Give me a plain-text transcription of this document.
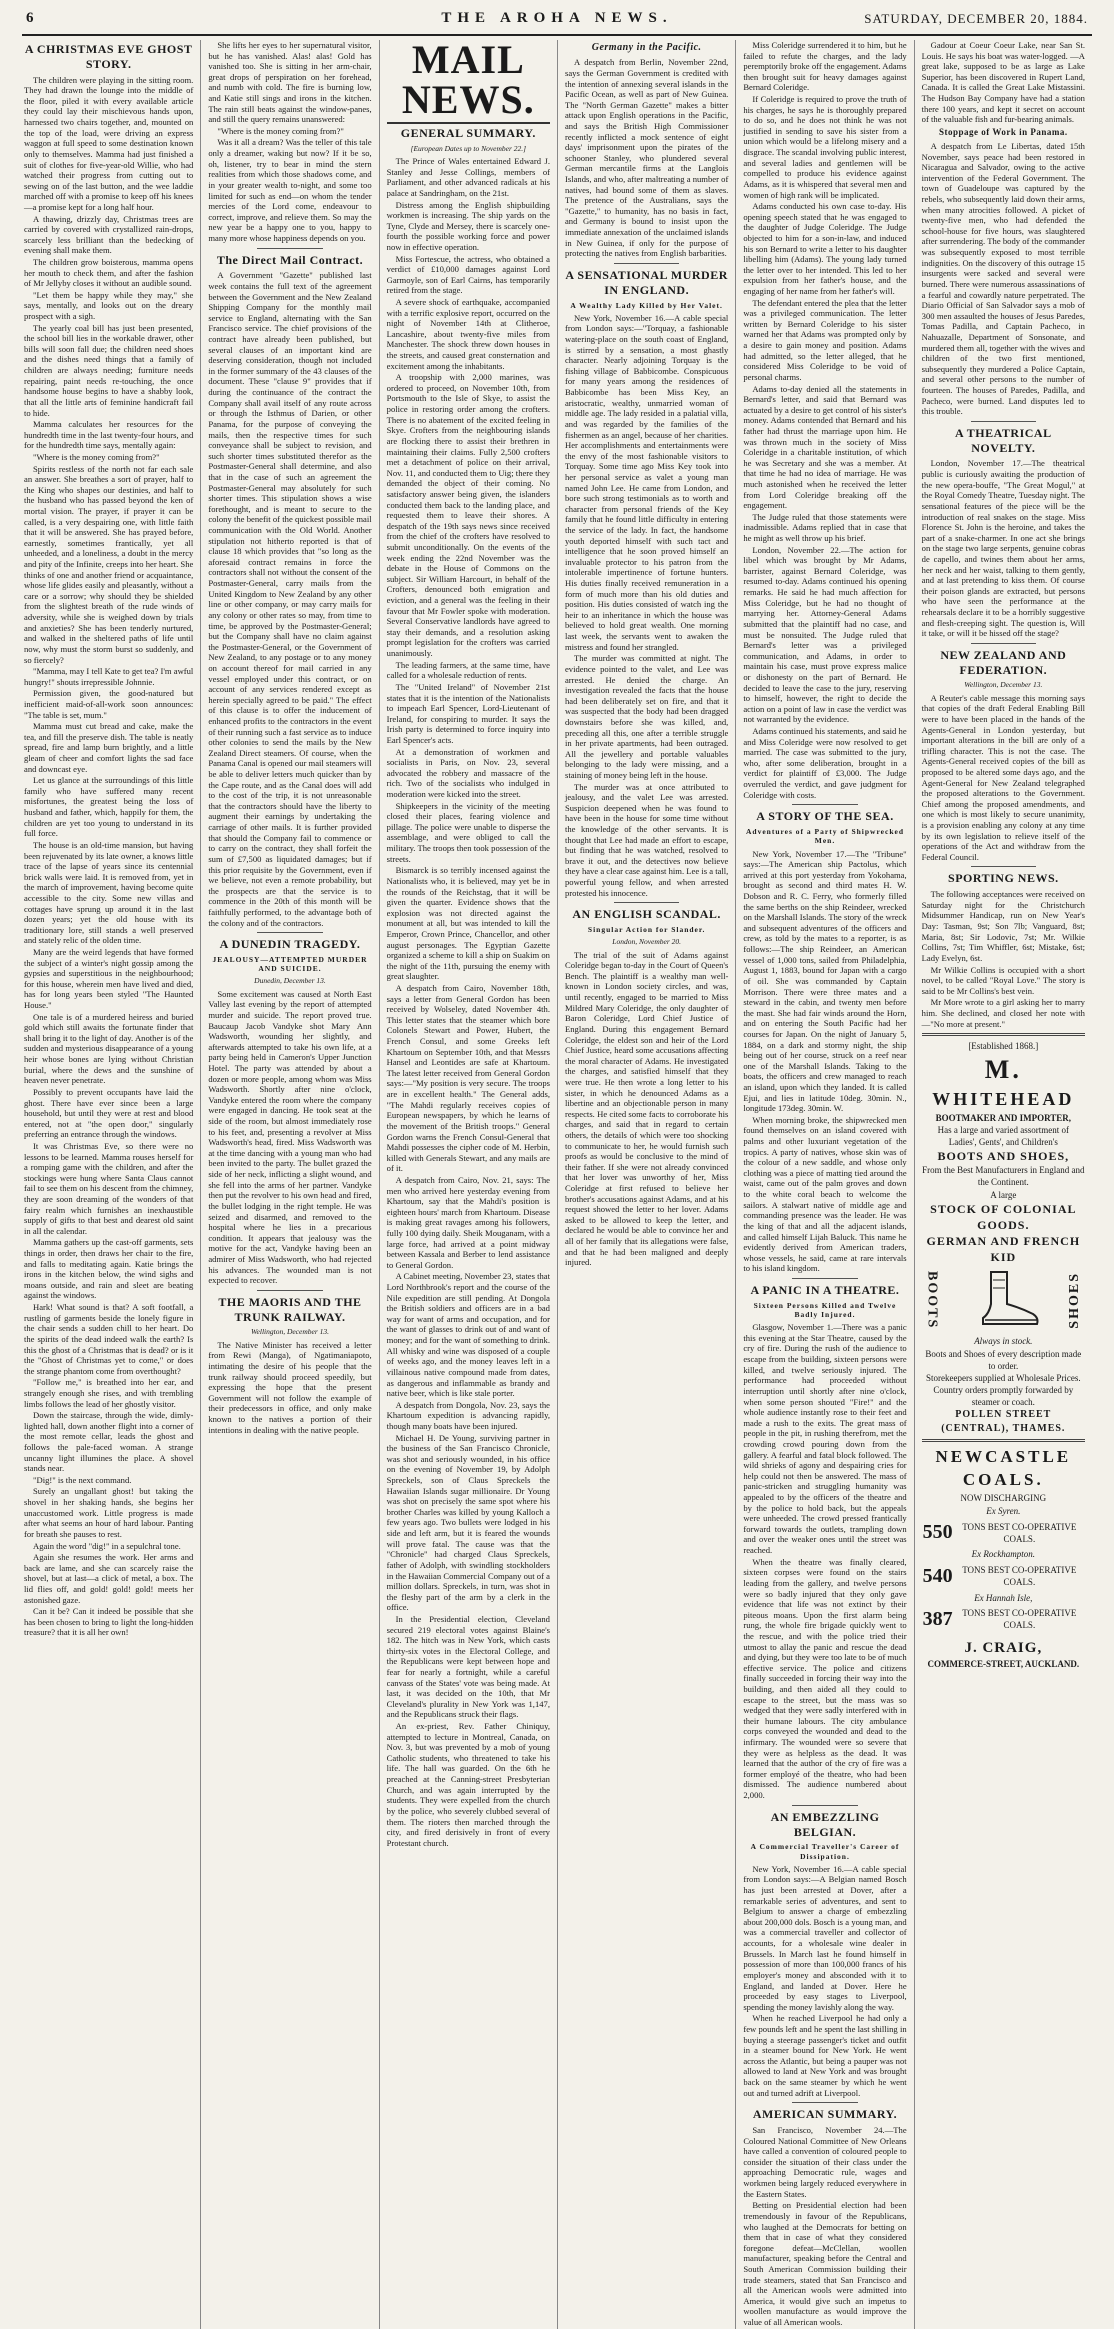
6	THE AROHA NEWS.	SATURDAY, DECEMBER 20, 1884.
A CHRISTMAS EVE GHOST STORY.

The children were playing in the sitting room. They had drawn the lounge into the middle of the floor, piled it with every available article they could lay their mischievous hands upon, harnessed two chairs together, and, mounted on the top of the load, were driving an express waggon at full speed to some destination known only to themselves. Mamma had just finished a suit of clothes for five-year-old Willie, who had watched their progress from cutting out to sewing on of the last button, and the wee laddie marched off with a promise to keep off his knees—a promise kept for a long half hour.

A thawing, drizzly day, Christmas trees are carried by covered with crystallized rain-drops, scarcely less brilliant than the bedecking of evening shall make them.

The children grow boisterous, mamma opens her mouth to check them, and after the fashion of Mr Jellyby closes it without an audible sound.

"Let them be happy while they may," she says, mentally, and looks out on the dreary prospect with a sigh.

The yearly coal bill has just been presented, the school bill lies in the workable drawer, other bills will soon fall due; the children need shoes and the dishes need things that a family of children are always needing; furniture needs repairing, paint needs re-touching, the once handsome house begins to have a shabby look, that all the little arts of feminine handicraft fail to hide.

Mamma calculates her resources for the hundredth time in the last twenty-four hours, and for the hundredth time says, mentally again:

"Where is the money coming from?"

Spirits restless of the north not far each sale an answer. She breathes a sort of prayer, half to the King who shapes our destinies, and half to the husband who has passed beyond the ken of mortal vision. The prayer, if prayer it can be called, is a very despairing one, with little faith that it will be answered. She has prayed before, earnestly, sometimes frantically, yet all unheeded, and a loneliness, a doubt in the mercy and pity of the Infinite, creeps into her heart. She thinks of one and another friend or acquaintance, whose life glides easily and pleasantly, without a care or a sorrow; why should they be shielded from the slightest breath of the rude winds of adversity, while she is weighed down by trials and anxieties? She has been tenderly nurtured, and walked in the sheltered paths of life until now, why must the storm burst so suddenly, and so fiercely?

"Mamma, may I tell Kate to get tea? I'm awful hungry!" shouts irrepressible Johnnie.

Permission given, the good-natured but inefficient maid-of-all-work soon announces: "The table is set, mum."

Mamma must cut bread and cake, make the tea, and fill the preserve dish. The table is neatly spread, fire and lamp burn brightly, and a little gleam of cheer and comfort lights the sad face and downcast eye.

Let us glance at the surroundings of this little family who have suffered many recent misfortunes, the greatest being the loss of husband and father, which, happily for them, the children are yet too young to understand in its full force.

The house is an old-time mansion, but having been rejuvenated by its late owner, a knows little trace of the lapse of years since its centennial brick walls were laid. It is removed from, yet in the march of improvement, having become quite accessible to the city. Some new villas and cottages have sprung up around it in the last dozen years; yet the old house with its traditionary lore, still stands a well preserved and stately relic of the olden time.

Many are the weird legends that have formed the subject of a winter's night gossip among the gypsies and superstitious in the neighbourhood; for this house, wherein men have lived and died, has for long years been styled "The Haunted House."

One tale is of a murdered heiress and buried gold which still awaits the fortunate finder that shall bring it to the light of day. Another is of the sudden and mysterious disappearance of a young heir whose bones are lying without Christian burial, where the dews and the sunshine of heaven never penetrate.

Possibly to prevent occupants have laid the ghost. There have ever since been a large household, but until they were at rest and blood entered, not at "the open door," singularly preferring an entrance through the windows.

It was Christmas Eve, so there were no lessons to be learned. Mamma rouses herself for a romping game with the children, and after the stockings were hung where Santa Claus cannot fail to see them on his descent from the chimney, they are soon dreaming of the wonders of that fairy realm which furnishes an inexhaustible supply of gifts to that best and dearest old saint in all the calendar.

Mamma gathers up the cast-off garments, sets things in order, then draws her chair to the fire, and falls to meditating again. Katie brings the irons in the kitchen below, the wind sighs and moans outside, and rain and sleet are beating against the windows.

Hark! What sound is that? A soft footfall, a rustling of garments beside the lonely figure in the chair sends a sudden chill to her heart. Do the spirits of the dead indeed walk the earth? Is this the ghost of a Christmas that is dead? or is it the "Ghost of Christmas yet to come," or does the strange phantom come from overthought?

"Follow me," is breathed into her ear, and strangely enough she rises, and with trembling limbs follows the lead of her ghostly visitor.

Down the staircase, through the wide, dimly-lighted hall, down another flight into a corner of the most remote cellar, leads the ghost and follows the pale-faced woman. A strange uncanny light illumines the place. A shovel stands near.

"Dig!" is the next command.

Surely an ungallant ghost! but taking the shovel in her shaking hands, she begins her unaccustomed work. Little progress is made after what seems an hour of hard labour. Panting for breath she pauses to rest.

Again the word "dig!" in a sepulchral tone.

Again she resumes the work. Her arms and back are lame, and she can scarcely raise the shovel, but at last—a click of metal, a box. The lid flies off, and gold! gold! gold! meets her astonished gaze.

Can it be? Can it indeed be possible that she has been chosen to bring to light the long-hidden treasure? that it is all her own!

She lifts her eyes to her supernatural visitor, but he has vanished. Alas! alas! Gold has vanished too. She is sitting in her arm-chair, great drops of perspiration on her forehead, and numb with cold. The fire is burning low, and Katie still sings and irons in the kitchen. The rain still beats against the window-panes, and still the query remains unanswered:

"Where is the money coming from?"

Was it all a dream? Was the teller of this tale only a dreamer, waking but now? If it be so, oh, listener, try to bear in mind the stern realities from which those shadows come, and in your greater wealth to-night, and some too limited for such as end—on whom the tender mercies of the Lord come, endeavour to correct, improve, and relieve them. So may the new year be a happy one to you, happy to many more whose happiness depends on you.

The Direct Mail Contract.

A Government "Gazette" published last week contains the full text of the agreement between the Government and the New Zealand Shipping Company for the monthly mail service to England, alternating with the San Francisco service. The chief provisions of the contract have already been published, but several clauses of an important kind are deserving consideration, though not included in the former summary of the 43 clauses of the document. These "clause 9" provides that if during the continuance of the contract the Company shall avail itself of any route across or through the Isthmus of Darien, or other Panama, for the purpose of conveying the mails, then the respective times for such conveyance shall be subject to revision, and such shorter times substituted therefor as the Postmaster-General shall determine, and also that in the case of such an agreement the Postmaster-General may absolutely for such shorter times. This stipulation shows a wise forethought, and is meant to secure to the colony the benefit of the quickest possible mail communication with the Old World. Another stipulation not hitherto reported is that of clause 18 which provides that "so long as the aforesaid contract remains in force the contractors shall not without the consent of the Postmaster-General, carry mails from the United Kingdom to New Zealand by any other line or other company, or may carry mails for any colony or other rates so may, from time to time, be approved by the Postmaster-General; but the Company shall have no claim against the Postmaster-General, or the Government of New Zealand, to any postage or to any money on account thereof for mail carried in any vessel employed under this contract, or on account of any services rendered except as herein specially agreed to be paid." The effect of this clause is to offer the inducement of enhanced profits to the contractors in the event of their running such a fast service as to induce other colonies to send the mails by the New Zealand Direct steamers. Of course, when the Panama Canal is opened our mail steamers will be able to deliver letters much quicker than by the Cape route, and as the Canal does will add to the cost of the trip, it is not unreasonable that the contractors should have the liberty to augment their earnings by undertaking the carriage of other mails. It is further provided that should the Company fail to commence or to carry on the contract, they shall forfeit the sum of £7,500 as liquidated damages; but if this prior requisite by the Government, even if we believe, not even a remote probability, but the prospects are that the service is to commence in the 20th of this month will be faithfully performed, to the advantage both of the colony and of the contractors.

A DUNEDIN TRAGEDY.
JEALOUSY—ATTEMPTED MURDER AND SUICIDE.
Dunedin, December 13.

Some excitement was caused at North East Valley last evening by the report of attempted murder and suicide. The report proved true. Baucaup Jacob Vandyke shot Mary Ann Wadsworth, wounding her slightly, and afterwards attempted to take his own life, at a party being held in Cameron's Upper Junction Hotel. The party was attended by about a dozen or more people, among whom was Miss Wadsworth. Shortly after nine o'clock, Vandyke entered the room where the company were engaged in dancing. He took seat at the side of the room, but almost immediately rose to his feet, and, presenting a revolver at Miss Wadsworth's head, fired. Miss Wadsworth was at the time dancing with a young man who had been invited to the party. The bullet grazed the side of her neck, inflicting a slight wound, and she fell into the arms of her partner. Vandyke then put the revolver to his own head and fired, the bullet lodging in the right temple. He was seized and disarmed, and removed to the hospital where he lies in a precarious condition. It appears that jealousy was the motive for the act, Vandyke having been an admirer of Miss Wadsworth, who had rejected his advances. The wounded man is not expected to recover.

THE MAORIS AND THE TRUNK RAILWAY.
Wellington, December 13.

The Native Minister has received a letter from Rewi (Manga), of Ngatimaniapoto, intimating the desire of his people that the trunk railway should proceed speedily, but expressing the hope that the present Government will not follow the example of their predecessors in office, and only make known to the natives a portion of their intentions in dealing with the native people.

MAIL NEWS.
GENERAL SUMMARY.
[European Dates up to November 22.]

The Prince of Wales entertained Edward J. Stanley and Jesse Collings, members of Parliament, and other advanced radicals at his palace at Sandringham, on the 21st.

Distress among the English shipbuilding workmen is increasing. The ship yards on the Tyne, Clyde and Mersey, there is scarcely one-fourth the possible working force and power now in effective operation.

Miss Fortescue, the actress, who obtained a verdict of £10,000 damages against Lord Garmoyle, son of Earl Cairns, has temporarily retired from the stage.

A severe shock of earthquake, accompanied with a terrific explosive report, occurred on the night of November 14th at Clitheroe, Lancashire, about twenty-five miles from Manchester. The shock threw down houses in the streets, and caused great consternation and excitement among the inhabitants.

A troopship with 2,000 marines, was ordered to proceed, on November 10th, from Portsmouth to the Isle of Skye, to assist the police in restoring order among the crofters. There is no abatement of the excited feeling in Skye. Crofters from the neighbouring islands are flocking there to assist their brethren in maintaining their claims. Fully 2,500 crofters met a detachment of police on their arrival, Nov. 11, and conducted them to Uig; there they demanded the object of their coming. No satisfactory answer being given, the islanders conducted them back to the landing place, and requested them to leave their shores. A despatch of the 19th says news since received from the chief of the crofters have resolved to submit unconditionally. On the events of the week ending the 22nd November was the debate in the House of Commons on the subject. Sir William Harcourt, in behalf of the Crofters, denounced both emigration and eviction, and a general was the feeling in their favour that Mr Fowler spoke with moderation. Several Conservative landlords have agreed to stay their demands, and a resolution asking prompt legislation for the crofters was carried unanimously.

The leading farmers, at the same time, have called for a wholesale reduction of rents.

The "United Ireland" of November 21st states that it is the intention of the Nationalists to impeach Earl Spencer, Lord-Lieutenant of Ireland, for conspiring to murder. It says the Irish party is determined to force inquiry into Earl Spencer's acts.

At a demonstration of workmen and socialists in Paris, on Nov. 23, several advocated the robbery and massacre of the rich. Two of the socialists who indulged in moderation were kicked into the street.

Shipkeepers in the vicinity of the meeting closed their places, fearing violence and pillage. The police were unable to disperse the assemblage, and were obliged to call the military. The troops then took possession of the streets.

Bismarck is so terribly incensed against the Nationalists who, it is believed, may yet be in the rounds of the Reichstag, that it will be given the quarter. Evidence shows that the explosion was not directed against the monument at all, but was intended to kill the Emperor, Crown Prince, Chancellor, and other august personages. The Egyptian Gazette organized a scheme to kill a ship on Suakim on the night of the 11th, pursuing the enemy with great slaughter.

A despatch from Cairo, November 18th, says a letter from General Gordon has been received by Wolseley, dated November 4th. This letter states that the steamer which bore Colonels Stewart and Power, Hubert, the French Consul, and some Greeks left Khartoum on September 10th, and that Messrs Hansel and Leontides are safe at Khartoum. The latest letter received from General Gordon says:—"My position is very secure. The troops are in excellent health." The General adds, "The Mahdi regularly receives copies of European newspapers, by which he learns of the movement of the British troops." General Gordon warns the French Consul-General that Mahdi possesses the cipher code of M. Herbin, killed with Generals Stewart, and any mails are of it.

A despatch from Cairo, Nov. 21, says: The men who arrived here yesterday evening from Khartoum, say that the Mahdi's position is eighteen hours' march from Khartoum. Disease is making great ravages among his followers, fully 100 dying daily. Sheik Mouganam, with a large force, had arrived at a point midway between Kassala and Berber to lend assistance to General Gordon.

A Cabinet meeting, November 23, states that Lord Northbrook's report and the course of the Nile expedition are still pending. At Dongola the British soldiers and officers are in a bad way for want of arms and occupation, and for the want of glasses to drink out of and want of money; and for the want of something to drink. All whisky and wine was disposed of a couple of weeks ago, and the money leaves left in a villainous native compound made from dates, as dangerous and inflammable as brandy and native beer, which is like stale porter.

A despatch from Dongola, Nov. 23, says the Khartoum expedition is advancing rapidly, though many boats have been injured.

Michael H. De Young, surviving partner in the business of the San Francisco Chronicle, was shot and seriously wounded, in his office on the evening of November 19, by Adolph Spreckels, son of Claus Spreckels the Hawaiian Islands sugar millionaire. Dr Young was shot on precisely the same spot where his brother Charles was killed by young Kalloch a few years ago. Two bullets were lodged in his side and left arm, but it is feared the wounds will prove fatal. The cause was that the "Chronicle" had charged Claus Spreckels, father of Adolph, with swindling stockholders in the Hawaiian Commercial Company out of a million dollars. Spreckels, in turn, was shot in the fleshy part of the arm by a clerk in the office.

In the Presidential election, Cleveland secured 219 electoral votes against Blaine's 182. The hitch was in New York, which casts thirty-six votes in the Electoral College, and the Republicans were kept between hope and fear for nearly a fortnight, while a careful canvass of the States' vote was being made. At last, it was decided on the 10th, that Mr Cleveland's plurality in New York was 1,147, and the Republicans struck their flags.

An ex-priest, Rev. Father Chiniquy, attempted to lecture in Montreal, Canada, on Nov. 3, but was prevented by a mob of young Catholic students, who threatened to take his life. The hall was guarded. On the 6th he preached at the Canning-street Presbyterian Church, and was again interrupted by the students. They were expelled from the church by the police, who severely clubbed several of them. The rioters then marched through the city, and fired derisively in front of every Protestant church.

Germany in the Pacific.

A despatch from Berlin, November 22nd, says the German Government is credited with the intention of annexing several islands in the Pacific Ocean, as well as part of New Guinea. The "North German Gazette" makes a bitter attack upon English operations in the Pacific, and says the British High Commissioner recently inflicted a mock sentence of eight days' imprisonment upon the pirates of the schooner Stanley, who plundered several German mercantile firms at the Langlois Islands, and who, after maltreating a number of natives, had bound some of them as slaves. The pretence of the Australians, says the "Gazette," to humanity, has no basis in fact, and Germany is bound to insist upon the immediate annexation of the unclaimed islands in New Guinea, if only for the purpose of protecting the natives from English barbarities.

A SENSATIONAL MURDER IN ENGLAND.
A Wealthy Lady Killed by Her Valet.

New York, November 16.—A cable special from London says:—"Torquay, a fashionable watering-place on the south coast of England, is stirred by a sensation, a most ghastly character. Nearly adjoining Torquay is the fishing village of Babbicombe. Conspicuous for many years among the residences of Babbicombe has been Miss Key, an aristocratic, wealthy, unmarried woman of middle age. The lady resided in a palatial villa, and was regarded by the families of the fishermen as an angel, because of her charities. Her accomplishments and entertainments were the envy of the most fashionable visitors to Torquay. Some time ago Miss Key took into her personal service as valet a young man named John Lee. He came from London, and bore such strong testimonials as to worth and character from personal friends of the Key family that he found little difficulty in entering the service of the lady. In fact, the handsome youth deported himself with such tact and intelligence that he soon proved himself an invaluable protector to his patron from the intolerable impertinence of fortune hunters. His duties finally received remuneration in a form of much more than his old duties and position. His duties consisted of watch ing the heir to an inheritance in which the house was believed to hold great wealth. One morning last week, the servants went to awaken the mistress and found her strangled.

The murder was committed at night. The evidence pointed to the valet, and Lee was arrested. He denied the charge. An investigation revealed the facts that the house had been deliberately set on fire, and that it was suspected that the body had been dragged downstairs before she was killed, and, preceding all this, one after a terrible struggle in her private apartments, had been outraged. All the jewellery and portable valuables belonging to the lady were missing, and a staining of money being left in the house.

The murder was at once attributed to jealousy, and the valet Lee was arrested. Suspicion deepened when he was found to have been in the house for some time without the knowledge of the other servants. It is thought that Lee had made an effort to escape, but finding that he was watched, resolved to brave it out, and the detectives now believe they have a clear case against him. Lee is a tall, powerful young fellow, and when arrested protested his innocence.

AN ENGLISH SCANDAL.
Singular Action for Slander.
London, November 20.

The trial of the suit of Adams against Coleridge began to-day in the Court of Queen's Bench. The plaintiff is a wealthy man well-known in London society circles, and was, until recently, engaged to be married to Miss Mildred Mary Coleridge, the only daughter of Baron Coleridge, Lord Chief Justice of England. During this engagement Bernard Coleridge, the eldest son and heir of the Lord Chief Justice, heard some accusations affecting the moral character of Adams. He investigated the charges, and satisfied himself that they were true. He then wrote a long letter to his sister, in which he denounced Adams as a libertine and an objectionable person in many respects. He cited some facts to corroborate his charges, and said that in regard to certain others, the details of which were too shocking to communicate to her, he would furnish such proofs as would be conclusive to the mind of their father. If she were not already convinced that her lover was unworthy of her, Miss Coleridge at first refused to believe her brother's accusations against Adams, and at his request showed the letter to her lover. Adams asked to be allowed to keep the letter, and declared he would be able to convince her and all of her family that its allegations were false, and that he had been maligned and deeply injured.

Miss Coleridge surrendered it to him, but he failed to refute the charges, and the lady peremptorily broke off the engagement. Adams then brought suit for heavy damages against Bernard Coleridge.

If Coleridge is required to prove the truth of his charges, he says he is thoroughly prepared to do so, and he does not think he was not justified in sending to save his sister from a union which would be a lifelong misery and a disgrace. The scandal involving public interest, and several ladies and gentlemen will be compelled to produce his evidence against Adams, as it is whispered that several men and women of high rank will be implicated.

Adams conducted his own case to-day. His opening speech stated that he was engaged to the daughter of Judge Coleridge. The Judge objected to him for a son-in-law, and induced his son Bernard to write a letter to his daughter libelling him (Adams). The young lady turned the letter over to her intended. This led to her expulsion from her father's house, and the engaging of her name from her father's will.

The defendant entered the plea that the letter was a privileged communication. The letter written by Bernard Coleridge to his sister warned her that Adams was prompted only by a desire to gain money and position. Adams had admitted, so the letter alleged, that he considered Miss Coleridge to be void of personal charms.

Adams to-day denied all the statements in Bernard's letter, and said that Bernard was actuated by a desire to get control of his sister's money. Adams contended that Bernard and his father had thrust the marriage upon him. He was thrown much in the society of Miss Coleridge in a charitable institution, of which he was Secretary and she was a member. At that time he had no idea of marriage. He was much astonished when he received the letter from Lord Coleridge breaking off the engagement.

The Judge ruled that those statements were inadmissible. Adams replied that in case that he might as well throw up his brief.

London, November 22.—The action for libel which was brought by Mr Adams, barrister, against Bernard Coleridge, was resumed to-day. Adams continued his opening remarks. He said he had much affection for Miss Coleridge, but he had no thought of marrying her. Attorney-General Adams submitted that the plaintiff had no case, and must be nonsuited. The Judge ruled that Bernard's letter was a privileged communication, and Adams, in order to maintain his case, must prove express malice or dishonesty on the part of Bernard. He decided to leave the case to the jury, reserving to himself, however, the right to decide the action on a point of law in case the verdict was not warranted by the evidence.

Adams continued his statements, and said he and Miss Coleridge were now resolved to get married. The case was submitted to the jury, who, after some deliberation, brought in a verdict for plaintiff of £3,000. The Judge overruled the verdict, and gave judgment for Coleridge with costs.

A STORY OF THE SEA.
Adventures of a Party of Shipwrecked Men.

New York, November 17.—The "Tribune" says:—The American ship Pactolus, which arrived at this port yesterday from Yokohama, brought as second and third mates H. W. Dobson and R. C. Ferry, who formerly filled the same berths on the ship Reindeer, wrecked on the Marshall Islands. The story of the wreck and subsequent adventures of the officers and crew, as told by the mates to a reporter, is as follows:—The ship Reindeer, an American vessel of 1,000 tons, sailed from Philadelphia, August 1, 1883, bound for Japan with a cargo of oil. She was commanded by Captain Morrison. There were three mates and a steward in the cabin, and twenty men before the mast. She had fair winds around the Horn, and on entering the South Pacific had her courses for Japan. On the night of January 5, 1884, on a dark and stormy night, the ship being out of her course, struck on a reef near one of the Marshall Islands. Taking to the boats, the officers and crew managed to reach an island, upon which they landed. It is called Ejui, and lies in latitude 10deg. 30min. N., longitude 173deg. 30min. W.

When morning broke, the shipwrecked men found themselves on an island covered with palms and other luxuriant vegetation of the tropics. A party of natives, whose skin was of the colour of a new saddle, and whose only clothing was a piece of matting tied around the waist, came out of the palm groves and down to the white coral beach to welcome the sailors. A stalwart native of middle age and commanding presence was the leader. He was the king of that and all the adjacent islands, and called himself Lijah Baluck. This name he evidently derived from American traders, whose vessels, he said, came at rare intervals to his island kingdom.

A PANIC IN A THEATRE.
Sixteen Persons Killed and Twelve Badly Injured.

Glasgow, November 1.—There was a panic this evening at the Star Theatre, caused by the cry of fire. During the rush of the audience to escape from the building, sixteen persons were killed, and twelve seriously injured. The performance had proceeded without interruption until shortly after nine o'clock, when some person shouted "Fire!" and the whole audience instantly rose to their feet and made a rush to the exits. The great mass of people in the pit, in rushing therefrom, met the crowding crowd pouring down from the gallery. A fearful and fatal block followed. The wild shrieks of agony and despairing cries for help could not then be answered. The mass of panic-stricken and struggling humanity was appealed to by the officers of the theatre and by the police to hold back, but the appeals were unheeded. The crowd pressed frantically forward towards the outlets, trampling down and over the weaker ones until the street was reached.

When the theatre was finally cleared, sixteen corpses were found on the stairs leading from the gallery, and twelve persons were so badly injured that they only gave evidence that life was not extinct by their piteous moans. Upon the first alarm being rung, the whole fire brigade quickly went to the rescue, and with the police tried their utmost to allay the panic and rescue the dead and dying, but they were too late to be of much effective service. The police and citizens finally succeeded in forcing their way into the building, and then aided all they could to escape to the street, but the mass was so wedged that they were sadly interfered with in their humane labours. The city ambulance corps conveyed the wounded and dead to the infirmary. The wounded were so severe that they were as helpless as the dead. It was learned that the author of the cry of fire was a former employé of the theatre, who had been dismissed. The audience numbered about 2,000.

AN EMBEZZLING BELGIAN.
A Commercial Traveller's Career of Dissipation.

New York, November 16.—A cable special from London says:—A Belgian named Bosch has just been arrested at Dover, after a remarkable series of adventures, and sent to Belgium to answer a charge of embezzling about 200,000 dols. Bosch is a young man, and was a commercial traveller and collector of accounts, for a wholesale wine dealer in Brussels. In March last he found himself in possession of more than 100,000 francs of his employer's money and absconded with it to England, and landed at Dover. Here he proceeded by easy stages to Liverpool, spending the money lavishly along the way.

When he reached Liverpool he had only a few pounds left and he spent the last shilling in buying a steerage passenger's ticket and outfit in a steamer bound for New York. He went across the Atlantic, but being a pauper was not allowed to land at New York and was brought back on the same steamer by which he went out and turned adrift at Liverpool.

AMERICAN SUMMARY.

San Francisco, November 24.—The Coloured National Committee of New Orleans have called a convention of coloured people to consider the situation of their class under the approaching Democratic rule, wages and workmen being largely reduced everywhere in the Eastern States.

Betting on Presidential election had been tremendously in favour of the Republicans, who laughed at the Democrats for betting on them that in case of what they considered foregone defeat—McClellan, woollen manufacturer, speaking before the Central and South American Commission building their trade steamers, stated that San Francisco and all the American wools were admitted into America, it would give such an impetus to woollen manufacture as would improve the value of all American wools.

Gadour at Coeur Coeur Lake, near San St. Louis. He says his boat was water-logged. —A great lake, supposed to be as large as Lake Superior, has been discovered in Rupert Land, Canada. It is called the Great Lake Mistassini. The Hudson Bay Company have had a station there 100 years, and kept it secret on account of the valuable fish and fur-bearing animals.

Stoppage of Work in Panama.

A despatch from Le Libertas, dated 15th November, says peace had been restored in Nicaragua and Salvador, owing to the active intervention of the Federal Government. The town of Guadeloupe was captured by the rebels, who subsequently laid down their arms, when many atrocities followed. A picket of twenty-five men, who had defended the school-house for five hours, was slaughtered after surrendering. The body of the commander was subsequently exposed to most terrible indignities. On the discovery of this outrage 15 insurgents were sacked and several were burned. There were numerous assassinations of a fearful and cowardly nature perpetrated. The Diario Official of San Salvador says a mob of 300 men assaulted the houses of Jesus Paredes, Tomas Padilla, and Captain Pacheco, in Nahuazalle, Department of Sonsonate, and murdered them all, together with the wives and children of the two first mentioned, subsequently they murdered a Police Captain, and several other persons to the number of fourteen. The houses of Paredes, Padilla, and Pacheco, were burned. Land disputes led to this trouble.

A THEATRICAL NOVELTY.

London, November 17.—The theatrical public is curiously awaiting the production of the new opera-bouffe, "The Great Mogul," at the Royal Comedy Theatre, Tuesday night. The sensational features of the piece will be the introduction of real snakes on the stage. Miss Florence St. John is the heroine, and takes the part of a snake-charmer. In one act she brings on the stage two large serpents, genuine cobras de capello, and twines them about her arms, her neck and her waist, talking to them gently, and at last pretending to kiss them. Of course their poison glands are extracted, but persons who have seen the performance at the rehearsals declare it to be a horribly suggestive and flesh-creeping sight. The question is, Will it take, or will it be hissed off the stage?

NEW ZEALAND AND FEDERATION.
Wellington, December 13.

A Reuter's cable message this morning says that copies of the draft Federal Enabling Bill were to have been placed in the hands of the Agents-General in London yesterday, but important alterations in the bill are only of a trifling character. This is not the case. The Agents-General received copies of the bill as proposed to be altered some days ago, and the Agent-General for New Zealand telegraphed the proposed alterations to the Government. Chief among the proposed amendments, and one which is most likely to secure unanimity, is a provision enabling any colony at any time by its own legislation to relieve itself of the operations of the Act and withdraw from the Federal Council.

SPORTING NEWS.

The following acceptances were received on Saturday night for the Christchurch Midsummer Handicap, run on New Year's Day: Tasman, 9st; Son 7lb; Vanguard, 8st; Maria, 8st; Sir Lodovic, 7st; Mr. Wilkie Collins, 7st; Tim Whiffler, 6st; Mistake, 6st; Lady Evelyn, 6st.

Mr Wilkie Collins is occupied with a short novel, to be called "Royal Love." The story is said to be Mr Collins's best vein.

Mr More wrote to a girl asking her to marry him. She declined, and closed her note with—"No more at present."

[Established 1868.]
M. WHITEHEAD
BOOTMAKER AND IMPORTER,
Has a large and varied assortment of
Ladies', Gents', and Children's
BOOTS AND SHOES,
From the Best Manufacturers in England and the Continent.
A large
STOCK OF COLONIAL GOODS.
GERMAN AND FRENCH KID
BOOTS	SHOES
Always in stock.
Boots and Shoes of every description made to order.
Storekeepers supplied at Wholesale Prices.
Country orders promptly forwarded by steamer or coach.
POLLEN STREET (CENTRAL), THAMES.
NEWCASTLE COALS.
NOW DISCHARGING
Ex Syren.	
550	TONS BEST CO-OPERATIVE COALS.
Ex Rockhampton.	
540	TONS BEST CO-OPERATIVE COALS.
Ex Hannah Isle,	
387	TONS BEST CO-OPERATIVE COALS.
J. CRAIG,
COMMERCE-STREET, AUCKLAND.
